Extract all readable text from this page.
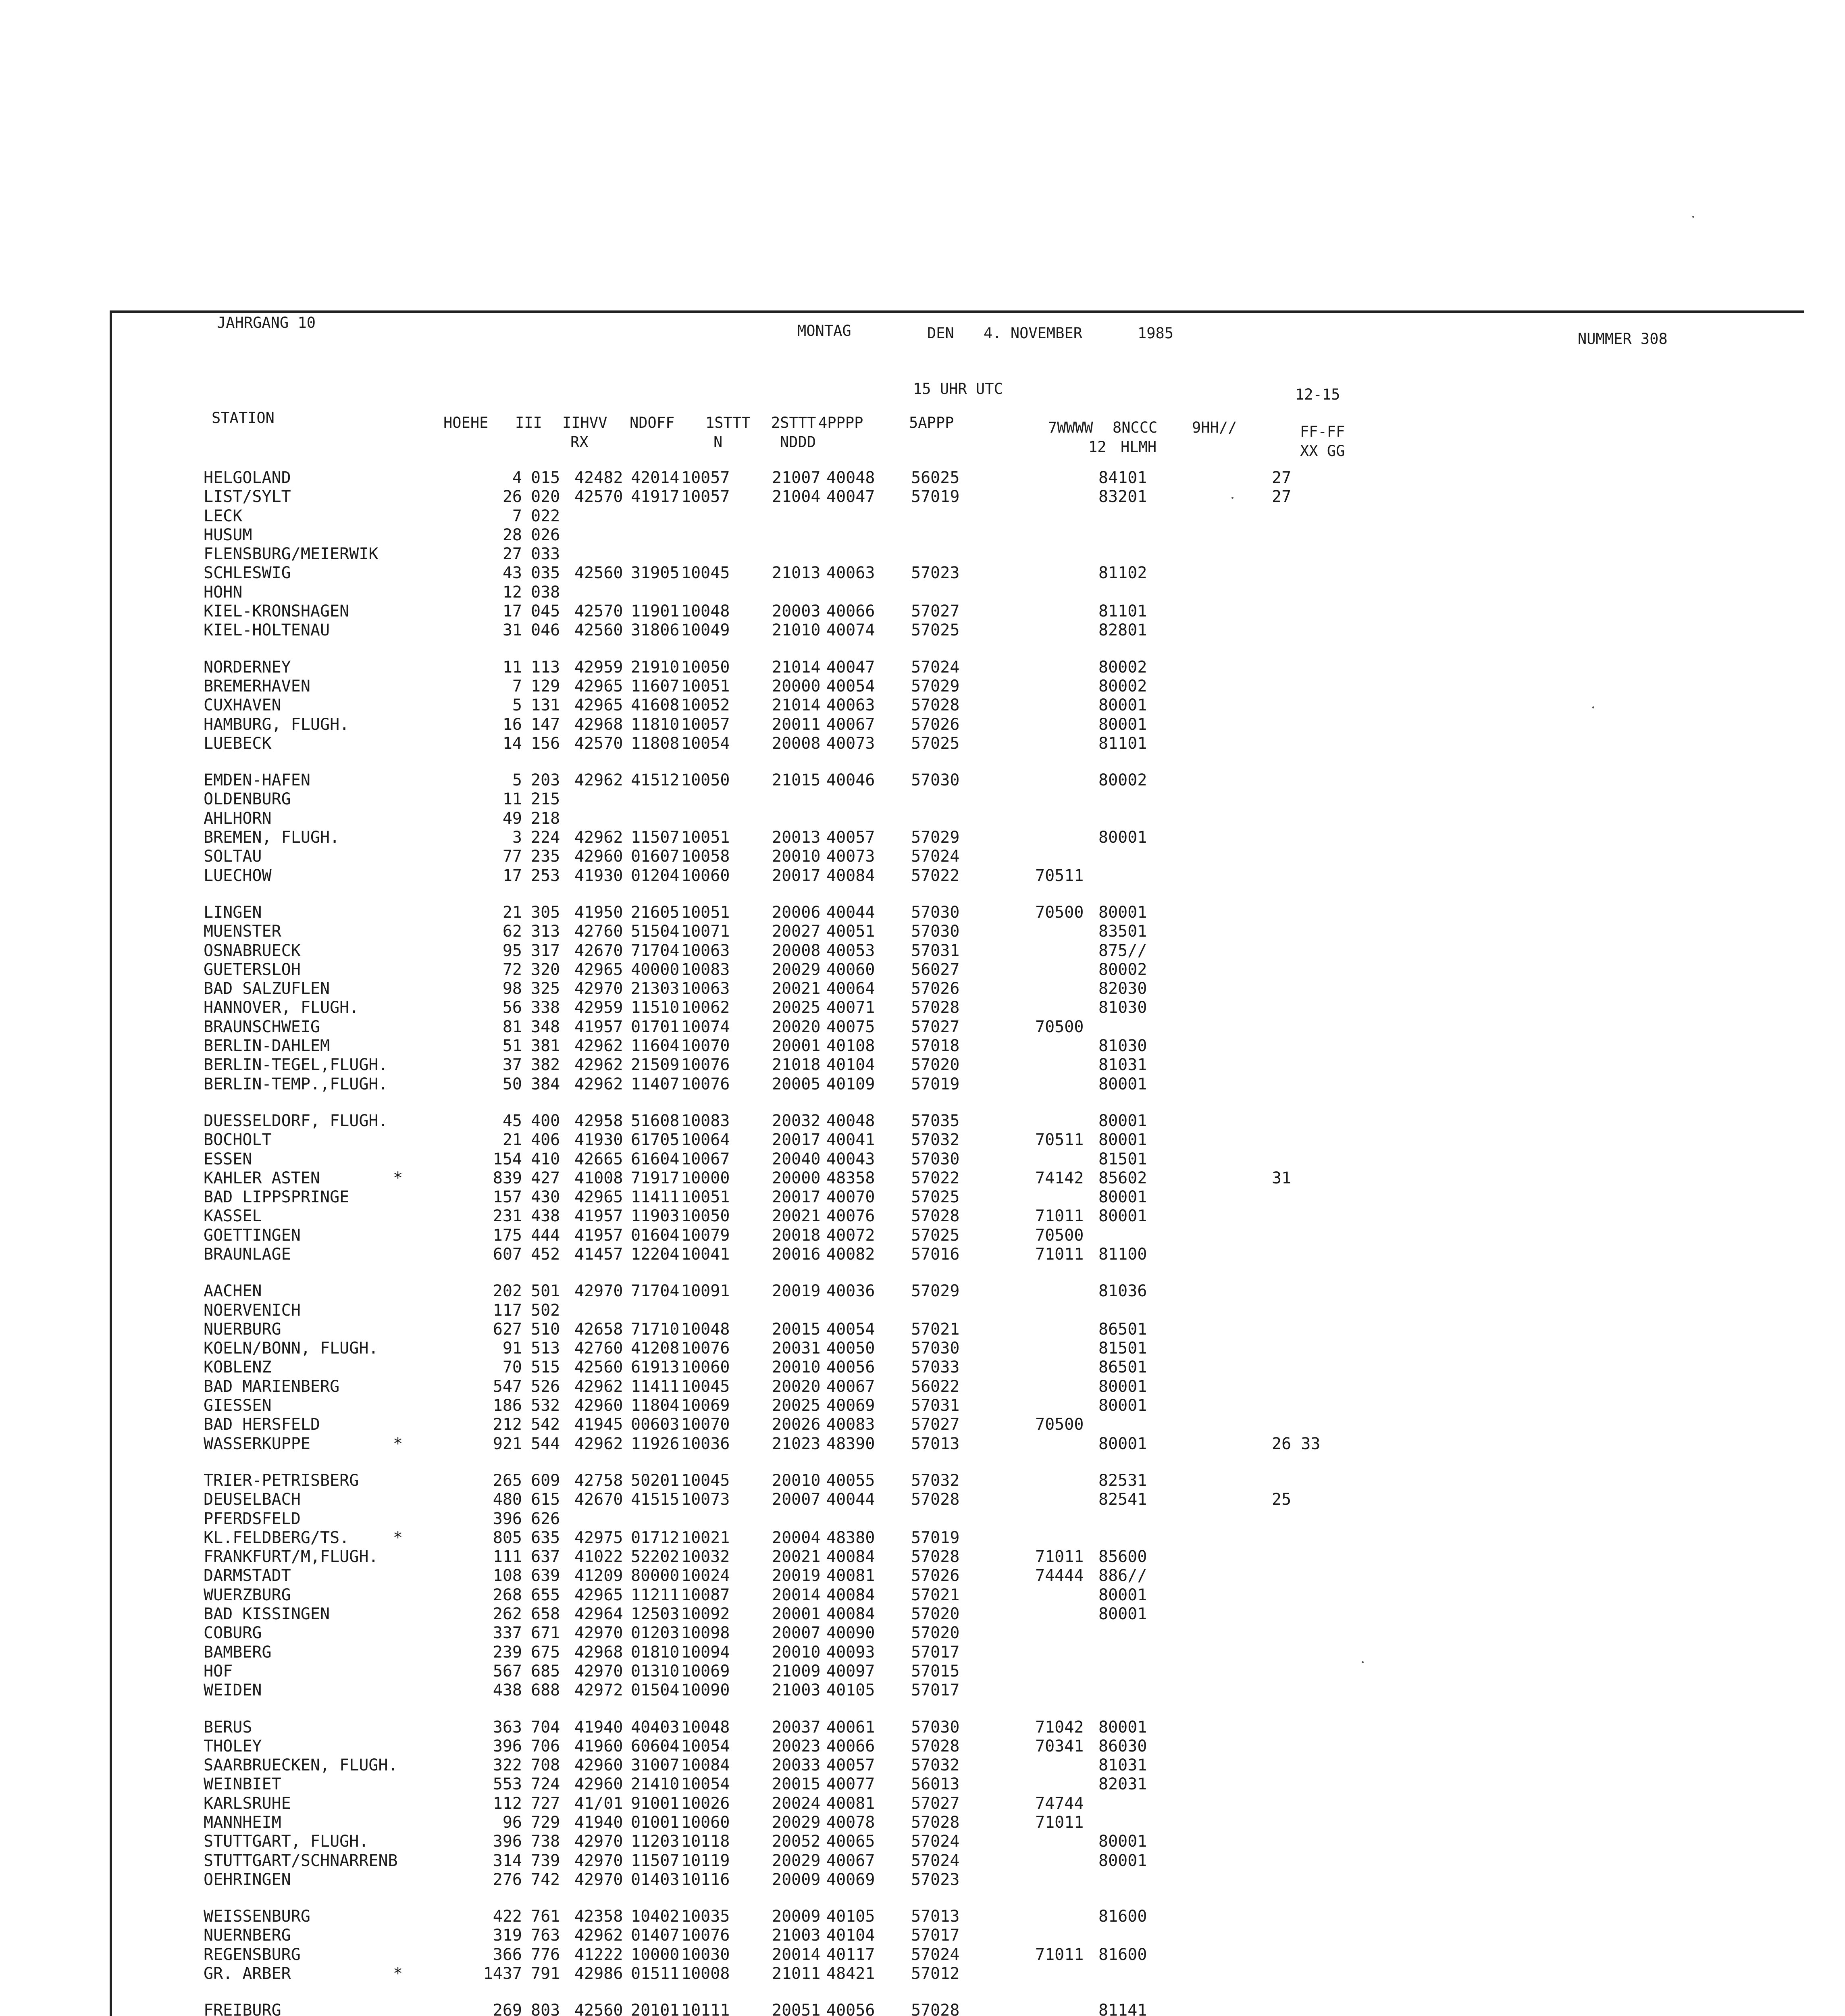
JAHRGANG 10	MONTAG	DEN 4. NOVEMBER	1985	NUMMER 308
15 UHR UTC	12-15
STATION	HOEHE III IIHVV
RX
NDOFF 1STTT
N
2STTT
NDDD
4PPPP	5APPP	7WWWW
12
8NCCC
HLMH
9HH//	FF-FF
XX GG
HELGOLAND	4 015 42482 42014 10057	21007 40048 56025	84101	27
LIST/SYLT	26 020 42570 41917 10057	21004 40047 57019	83201	27
LECK	7 022
HUSUM	28 026
FLENSBURG/MEIERWIK	27 033
SCHLESWIG	43 035 42560 31905 10045	21013 40063 57023	81102
HOHN	12 038
KIEL-KRONSHAGEN	17 045 42570 11901 10048	20003 40066 57027	81101
KIEL-HOLTENAU	31 046 42560 31806 10049	21010 40074 57025	82801
NORDERNEY	11 113 42959 21910 10050	21014 40047 57024	80002
BREMERHAVEN	7 129 42965 11607 10051	20000 40054 57029	80002
CUXHAVEN	5 131 42965 41608 10052	21014 40063 57028	80001
HAMBURG, FLUGH.	16 147 42968 11810 10057	20011 40067 57026	80001
LUEBECK	14 156 42570 11808 10054	20008 40073 57025	81101
EMDEN-HAFEN	5 203 42962 41512 10050	21015 40046 57030	80002
OLDENBURG	11 215
AHLHORN	49 218
BREMEN, FLUGH.	3 224 42962 11507 10051	20013 40057 57029	80001
SOLTAU	77 235 42960 01607 10058	20010 40073 57024
LUECHOW	17 253 41930 01204 10060	20017 40084 57022	70511
LINGEN	21 305 41950 21605 10051	20006 40044 57030	70500 80001
MUENSTER	62 313 42760 51504 10071	20027 40051 57030	83501
OSNABRUECK	95 317 42670 71704 10063	20008 40053 57031	875//
GUETERSLOH	72 320 42965 40000 10083	20029 40060 56027	80002
BAD SALZUFLEN	98 325 42970 21303 10063	20021 40064 57026	82030
HANNOVER, FLUGH.	56 338 42959 11510 10062	20025 40071 57028	81030
BRAUNSCHWEIG	81 348 41957 01701 10074	20020 40075 57027	70500
BERLIN-DAHLEM	51 381 42962 11604 10070	20001 40108 57018	81030
BERLIN-TEGEL,FLUGH.	37 382 42962 21509 10076	21018 40104 57020	81031
BERLIN-TEMP.,FLUGH.	50 384 42962 11407 10076	20005 40109 57019	80001
DUESSELDORF, FLUGH.	45 400 42958 51608 10083	20032 40048 57035	80001
BOCHOLT	21 406 41930 61705 10064	20017 40041 57032	70511 80001
ESSEN	154 410 42665 61604 10067	20040 40043 57030	81501
KAHLER ASTEN	*	839 427 41008 71917 10000	20000 48358 57022	74142 85602	31
BAD LIPPSPRINGE	157 430 42965 11411 10051	20017 40070 57025	80001
KASSEL	231 438 41957 11903 10050	20021 40076 57028	71011 80001
GOETTINGEN	175 444 41957 01604 10079	20018 40072 57025	70500
BRAUNLAGE	607 452 41457 12204 10041	20016 40082 57016	71011 81100
AACHEN	202 501 42970 71704 10091	20019 40036 57029	81036
NOERVENICH	117 502
NUERBURG	627 510 42658 71710 10048	20015 40054 57021	86501
KOELN/BONN, FLUGH.	91 513 42760 41208 10076	20031 40050 57030	81501
KOBLENZ	70 515 42560 61913 10060	20010 40056 57033	86501
BAD MARIENBERG	547 526 42962 11411 10045	20020 40067 56022	80001
GIESSEN	186 532 42960 11804 10069	20025 40069 57031	80001
BAD HERSFELD	212 542 41945 00603 10070	20026 40083 57027	70500
WASSERKUPPE	*	921 544 42962 11926 10036	21023 48390 57013	80001	26 33
TRIER-PETRISBERG	265 609 42758 50201 10045	20010 40055 57032	82531
DEUSELBACH	480 615 42670 41515 10073	20007 40044 57028	82541	25
PFERDSFELD	396 626
KL.FELDBERG/TS.	*	805 635 42975 01712 10021	20004 48380 57019
FRANKFURT/M,FLUGH.	111 637 41022 52202 10032	20021 40084 57028	71011 85600
DARMSTADT	108 639 41209 80000 10024	20019 40081 57026	74444 886//
WUERZBURG	268 655 42965 11211 10087	20014 40084 57021	80001
BAD KISSINGEN	262 658 42964 12503 10092	20001 40084 57020	80001
COBURG	337 671 42970 01203 10098	20007 40090 57020
BAMBERG	239 675 42968 01810 10094	20010 40093 57017
HOF	567 685 42970 01310 10069	21009 40097 57015
WEIDEN	438 688 42972 01504 10090	21003 40105 57017
BERUS	363 704 41940 40403 10048	20037 40061 57030	71042 80001
THOLEY	396 706 41960 60604 10054	20023 40066 57028	70341 86030
SAARBRUECKEN, FLUGH.	322 708 42960 31007 10084	20033 40057 57032	81031
WEINBIET	553 724 42960 21410 10054	20015 40077 56013	82031
KARLSRUHE	112 727 41/01 91001 10026	20024 40081 57027	74744
MANNHEIM	96 729 41940 01001 10060	20029 40078 57028	71011
STUTTGART, FLUGH.	396 738 42970 11203 10118	20052 40065 57024	80001
STUTTGART/SCHNARRENB	314 739 42970 11507 10119	20029 40067 57024	80001
OEHRINGEN	276 742 42970 01403 10116	20009 40069 57023
WEISSENBURG	422 761 42358 10402 10035	20009 40105 57013	81600
NUERNBERG	319 763 42962 01407 10076	21003 40104 57017
REGENSBURG	366 776 41222 10000 10030	20014 40117 57024	71011 81600
GR. ARBER	*	1437 791 42986 01511 10008	21011 48421 57012
FREIBURG	269 803 42560 20101 10111	20051 40056 57028	81141
